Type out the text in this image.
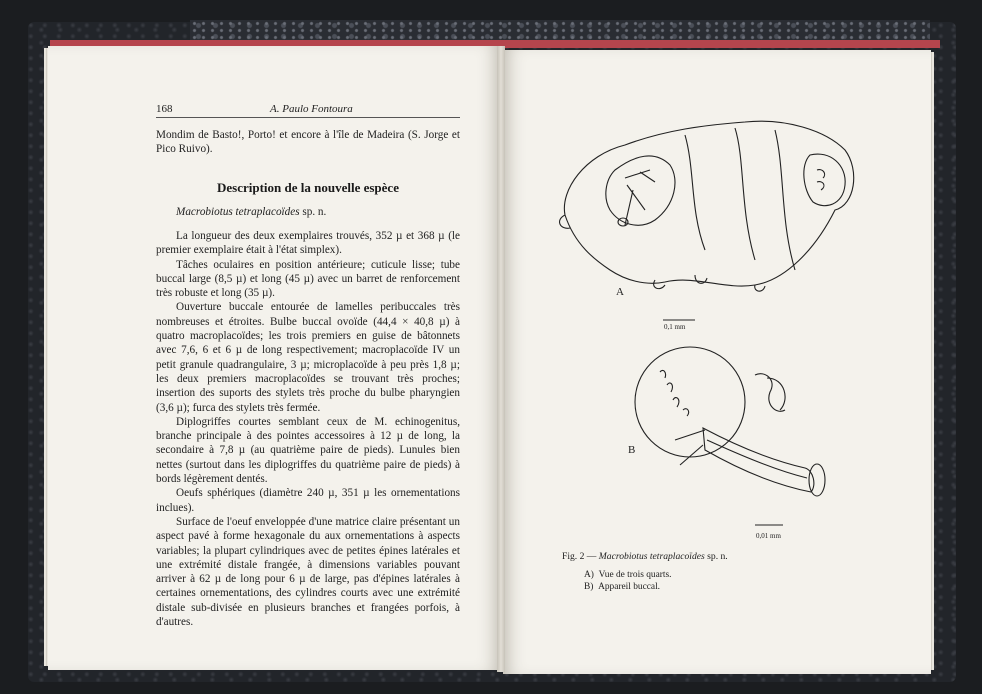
168	A. Paulo Fontoura

Mondim de Basto!, Porto! et encore à l'île de Madeira (S. Jorge et Pico Ruivo).

Description de la nouvelle espèce
Macrobiotus tetraplacoïdes sp. n.

La longueur des deux exemplaires trouvés, 352 µ et 368 µ (le premier exemplaire était à l'état simplex).

Tâches oculaires en position antérieure; cuticule lisse; tube buccal large (8,5 µ) et long (45 µ) avec un barret de renforcement très robuste et long (35 µ).

Ouverture buccale entourée de lamelles peribuccales très nombreuses et étroites. Bulbe buccal ovoïde (44,4 × 40,8 µ) à quatro macroplacoïdes; les trois premiers en guise de bâtonnets avec 7,6, 6 et 6 µ de long respectivement; macroplacoïde IV un petit granule quadrangulaire, 3 µ; microplacoïde à peu près 1,8 µ; les deux premiers macroplacoïdes se trouvant très proches; insertion des suports des stylets très proche du bulbe pharyngien (3,6 µ); furca des stylets très fermée.

Diplogriffes courtes semblant ceux de M. echinogenitus, branche principale à des pointes accessoires à 12 µ de long, la secondaire à 7,8 µ (au quatrième paire de pieds). Lunules bien nettes (surtout dans les diplogriffes du quatrième paire de pieds) à bords légèrement dentés.

Oeufs sphériques (diamètre 240 µ, 351 µ les ornementations inclues).

Surface de l'oeuf enveloppée d'une matrice claire présentant un aspect pavé à forme hexagonale du aux ornementations à aspects variables; la plupart cylindriques avec de petites épines latérales et une extrémité distale frangée, à dimensions variables pouvant arriver à 62 µ de long pour 6 µ de large, pas d'épines latérales à certaines ornementations, des cylindres courts avec une extrémité distale sub-divisée en plusieurs branches et frangées porfois, à d'autres.

A
B
0,1 mm
0,01 mm
Fig. 2 — Macrobiotus tetraplacoïdes sp. n.
A) Vue de trois quarts.
B) Appareil buccal.
